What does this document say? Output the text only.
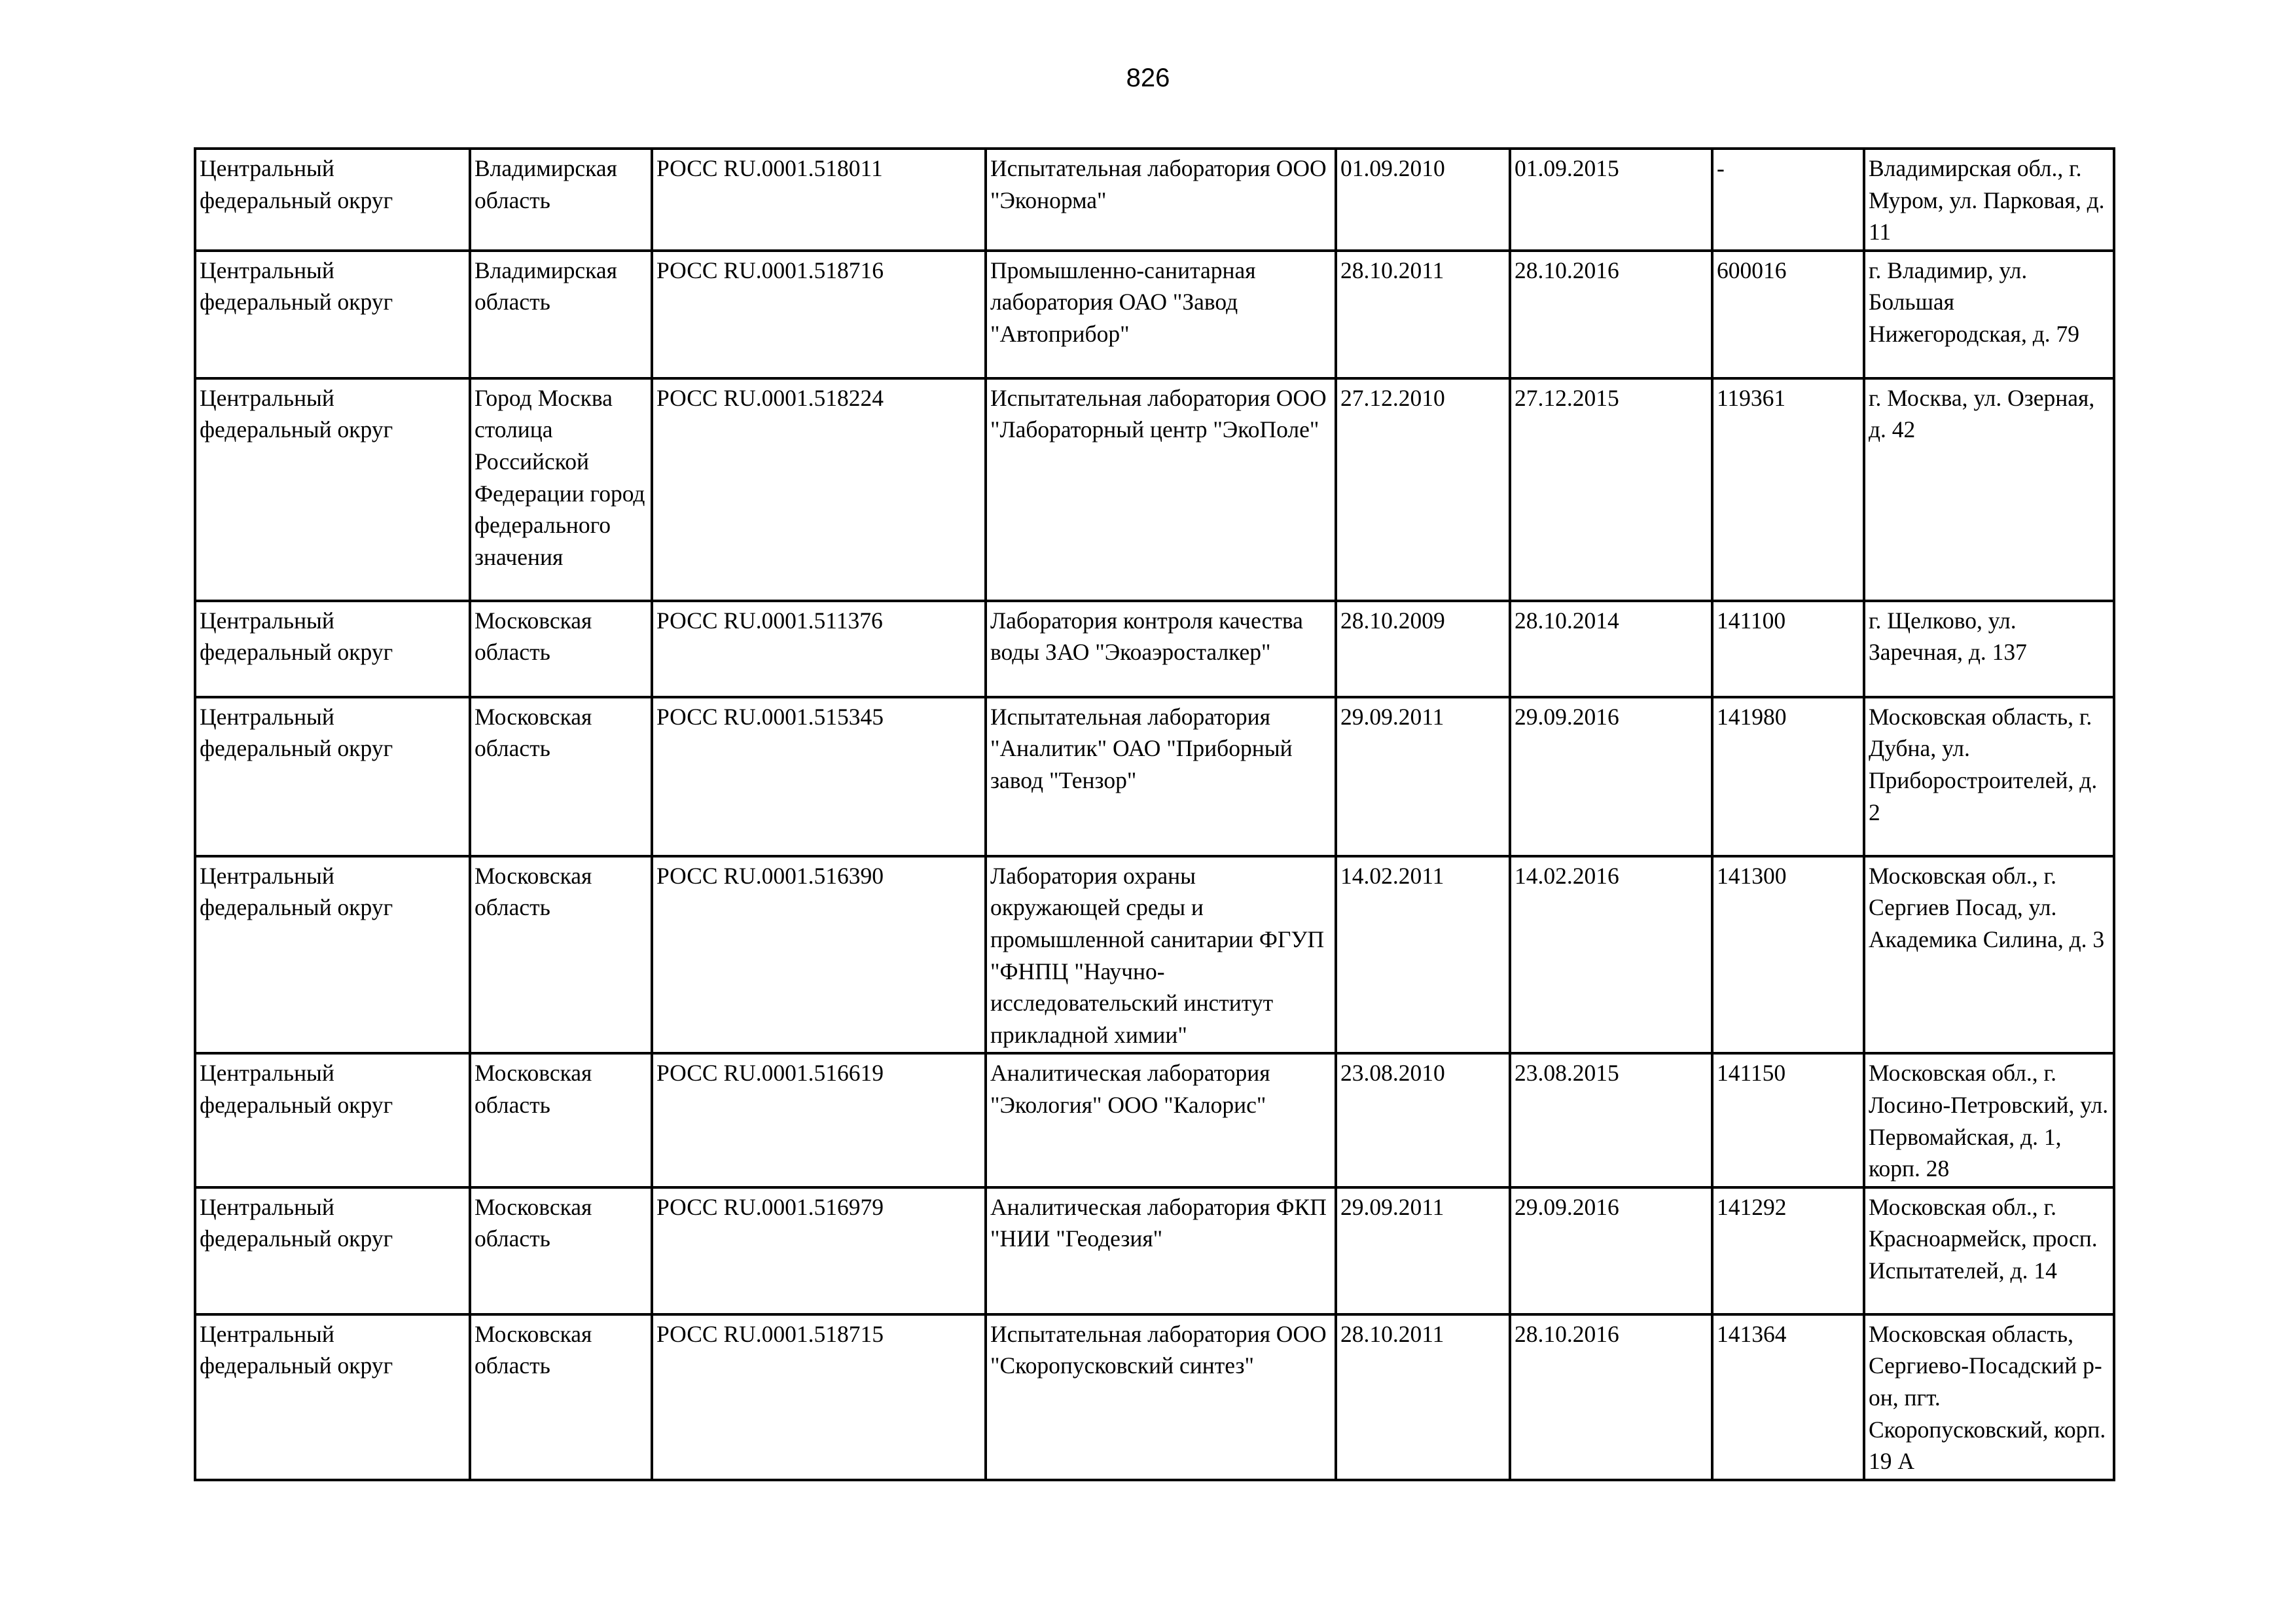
826
Центральный федеральный округ	Владимирская область	РОСС RU.0001.518011	Испытательная лаборатория ООО "Эконорма"	01.09.2010	01.09.2015	-	Владимирская обл., г. Муром, ул. Парковая, д. 11
Центральный федеральный округ	Владимирская область	РОСС RU.0001.518716	Промышленно-санитарная лаборатория ОАО "Завод "Автоприбор"	28.10.2011	28.10.2016	600016	г. Владимир, ул. Большая Нижегородская, д. 79
Центральный федеральный округ	Город Москва столица Российской Федерации город федерального значения	РОСС RU.0001.518224	Испытательная лаборатория ООО "Лабораторный центр "ЭкоПоле"	27.12.2010	27.12.2015	119361	г. Москва, ул. Озерная, д. 42
Центральный федеральный округ	Московская область	РОСС RU.0001.511376	Лаборатория контроля качества воды ЗАО "Экоаэросталкер"	28.10.2009	28.10.2014	141100	г. Щелково, ул. Заречная, д. 137
Центральный федеральный округ	Московская область	РОСС RU.0001.515345	Испытательная лаборатория "Аналитик" ОАО "Приборный завод "Тензор"	29.09.2011	29.09.2016	141980	Московская область, г. Дубна, ул. Приборостроителей, д. 2
Центральный федеральный округ	Московская область	РОСС RU.0001.516390	Лаборатория охраны окружающей среды и промышленной санитарии ФГУП "ФНПЦ "Научно-исследовательский институт прикладной химии"	14.02.2011	14.02.2016	141300	Московская обл., г. Сергиев Посад, ул. Академика Силина, д. 3
Центральный федеральный округ	Московская область	РОСС RU.0001.516619	Аналитическая лаборатория "Экология" ООО "Калорис"	23.08.2010	23.08.2015	141150	Московская обл., г. Лосино-Петровский, ул. Первомайская, д. 1, корп. 28
Центральный федеральный округ	Московская область	РОСС RU.0001.516979	Аналитическая лаборатория ФКП "НИИ "Геодезия"	29.09.2011	29.09.2016	141292	Московская обл., г. Красноармейск, просп. Испытателей, д. 14
Центральный федеральный округ	Московская область	РОСС RU.0001.518715	Испытательная лаборатория ООО "Скоропусковский синтез"	28.10.2011	28.10.2016	141364	Московская область, Сергиево-Посадский р-он, пгт. Скоропусковский, корп. 19 А
